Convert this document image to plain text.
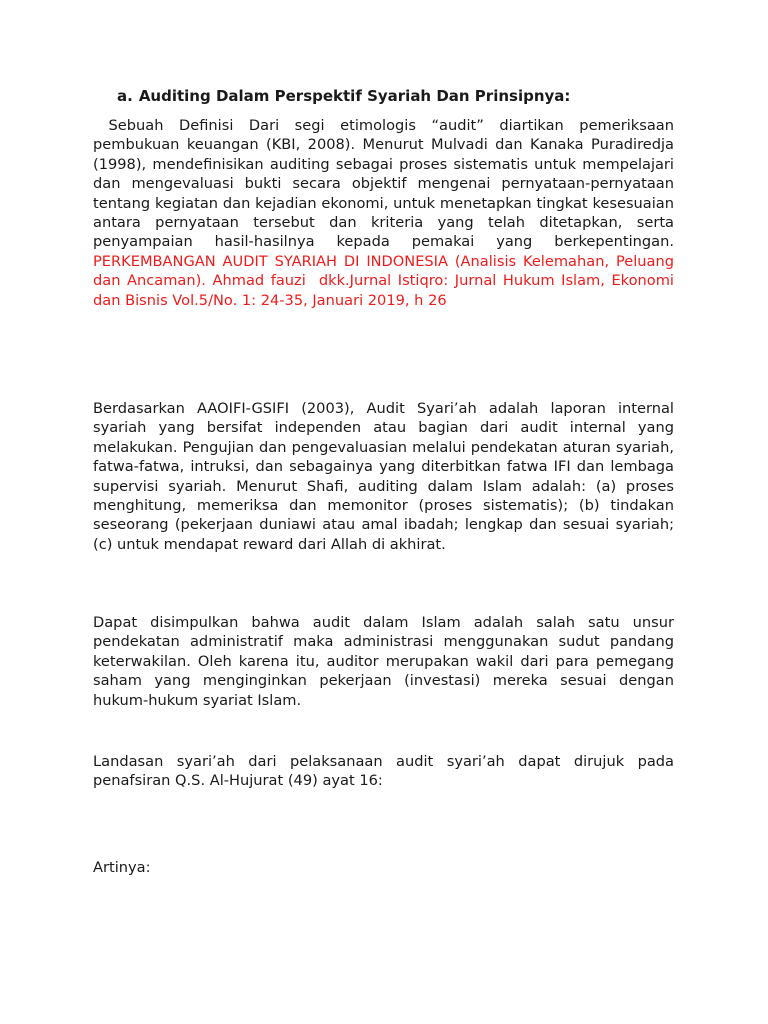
a. Auditing Dalam Perspektif Syariah Dan Prinsipnya:

Sebuah Definisi Dari segi etimologis “audit” diartikan pemeriksaan pembukuan keuangan (KBI, 2008). Menurut Mulvadi dan Kanaka Puradiredja (1998), mendefinisikan auditing sebagai proses sistematis untuk mempelajari dan mengevaluasi bukti secara objektif mengenai pernyataan-pernyataan tentang kegiatan dan kejadian ekonomi, untuk menetapkan tingkat kesesuaian antara pernyataan tersebut dan kriteria yang telah ditetapkan, serta penyampaian hasil-hasilnya kepada pemakai yang berkepentingan. PERKEMBANGAN AUDIT SYARIAH DI INDONESIA (Analisis Kelemahan, Peluang dan Ancaman). Ahmad fauzi  dkk.Jurnal Istiqro: Jurnal Hukum Islam, Ekonomi dan Bisnis Vol.5/No. 1: 24-35, Januari 2019, h 26

Berdasarkan AAOIFI-GSIFI (2003), Audit Syari’ah adalah laporan internal syariah yang bersifat independen atau bagian dari audit internal yang melakukan. Pengujian dan pengevaluasian melalui pendekatan aturan syariah, fatwa-fatwa, intruksi, dan sebagainya yang diterbitkan fatwa IFI dan lembaga supervisi syariah. Menurut Shafi, auditing dalam Islam adalah: (a) proses menghitung, memeriksa dan memonitor (proses sistematis); (b) tindakan seseorang (pekerjaan duniawi atau amal ibadah; lengkap dan sesuai syariah; (c) untuk mendapat reward dari Allah di akhirat.

Dapat disimpulkan bahwa audit dalam Islam adalah salah satu unsur pendekatan administratif maka administrasi menggunakan sudut pandang keterwakilan. Oleh karena itu, auditor merupakan wakil dari para pemegang saham yang menginginkan pekerjaan (investasi) mereka sesuai dengan hukum-hukum syariat Islam.

Landasan syari’ah dari pelaksanaan audit syari’ah dapat dirujuk pada penafsiran Q.S. Al-Hujurat (49) ayat 16:

Artinya:
